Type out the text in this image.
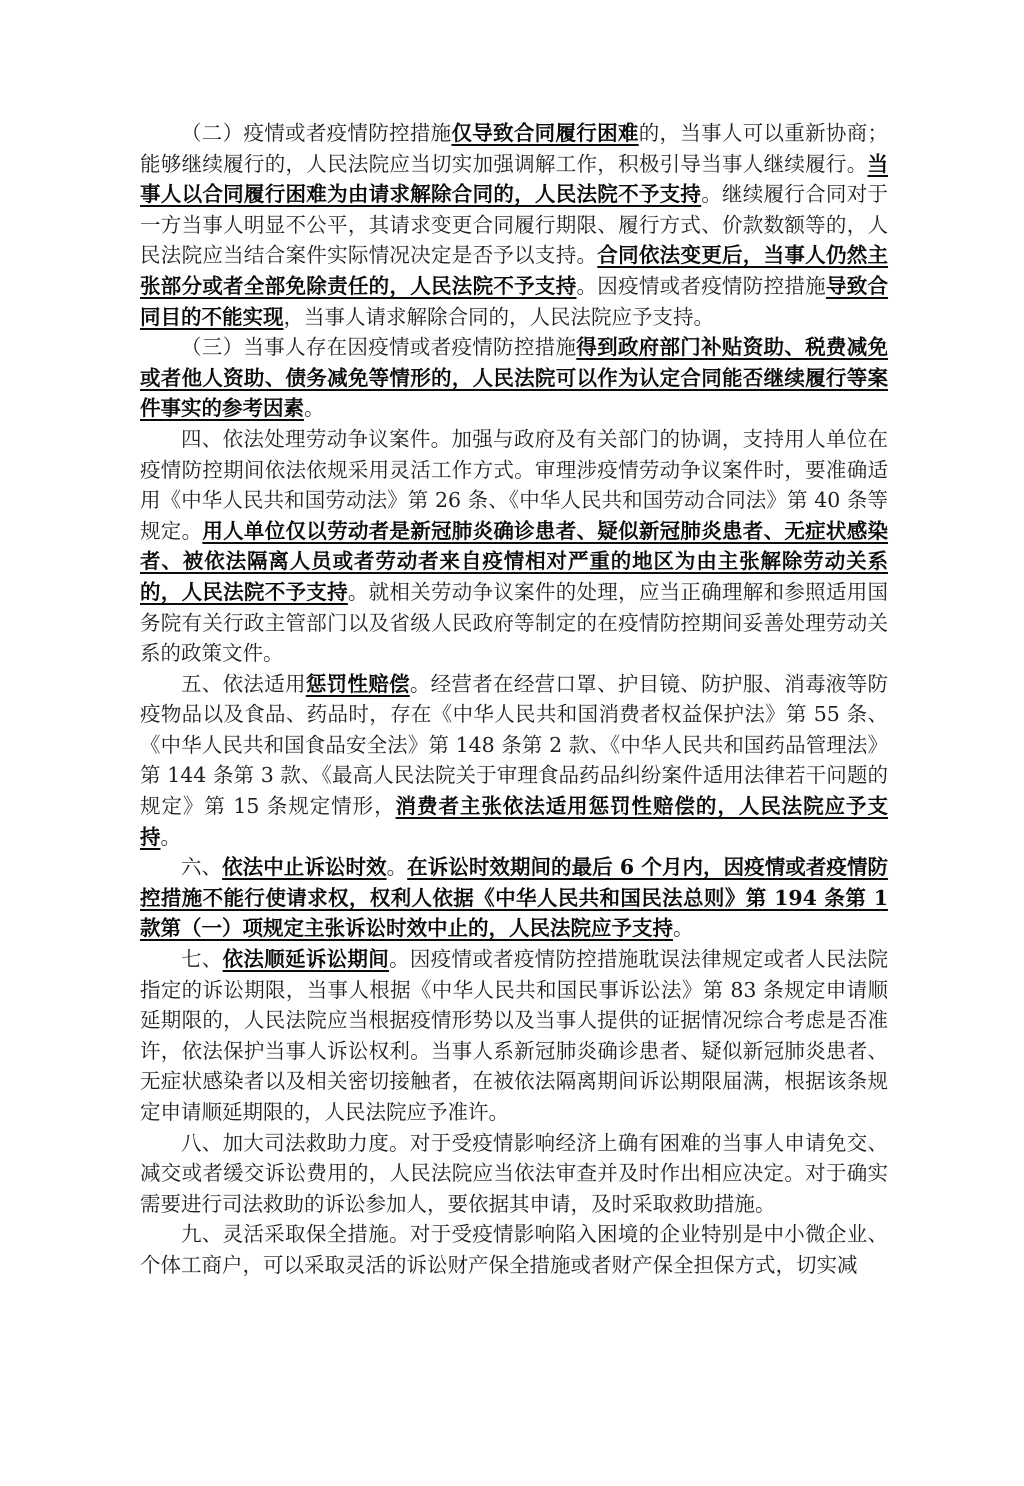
（二）疫情或者疫情防控措施仅导致合同履行困难的，当事人可以重新协商；能够继续履行的，人民法院应当切实加强调解工作，积极引导当事人继续履行。当事人以合同履行困难为由请求解除合同的，人民法院不予支持。继续履行合同对于一方当事人明显不公平，其请求变更合同履行期限、履行方式、价款数额等的，人民法院应当结合案件实际情况决定是否予以支持。合同依法变更后，当事人仍然主张部分或者全部免除责任的，人民法院不予支持。因疫情或者疫情防控措施导致合同目的不能实现，当事人请求解除合同的，人民法院应予支持。

（三）当事人存在因疫情或者疫情防控措施得到政府部门补贴资助、税费减免或者他人资助、债务减免等情形的，人民法院可以作为认定合同能否继续履行等案件事实的参考因素。

四、依法处理劳动争议案件。加强与政府及有关部门的协调，支持用人单位在疫情防控期间依法依规采用灵活工作方式。审理涉疫情劳动争议案件时，要准确适用《中华人民共和国劳动法》第 26 条、《中华人民共和国劳动合同法》第 40 条等规定。用人单位仅以劳动者是新冠肺炎确诊患者、疑似新冠肺炎患者、无症状感染者、被依法隔离人员或者劳动者来自疫情相对严重的地区为由主张解除劳动关系的，人民法院不予支持。就相关劳动争议案件的处理，应当正确理解和参照适用国务院有关行政主管部门以及省级人民政府等制定的在疫情防控期间妥善处理劳动关系的政策文件。

五、依法适用惩罚性赔偿。经营者在经营口罩、护目镜、防护服、消毒液等防疫物品以及食品、药品时，存在《中华人民共和国消费者权益保护法》第 55 条、《中华人民共和国食品安全法》第 148 条第 2 款、《中华人民共和国药品管理法》第 144 条第 3 款、《最高人民法院关于审理食品药品纠纷案件适用法律若干问题的规定》第 15 条规定情形，消费者主张依法适用惩罚性赔偿的，人民法院应予支持。

六、依法中止诉讼时效。在诉讼时效期间的最后 6 个月内，因疫情或者疫情防控措施不能行使请求权，权利人依据《中华人民共和国民法总则》第 194 条第 1 款第（一）项规定主张诉讼时效中止的，人民法院应予支持。

七、依法顺延诉讼期间。因疫情或者疫情防控措施耽误法律规定或者人民法院指定的诉讼期限，当事人根据《中华人民共和国民事诉讼法》第 83 条规定申请顺延期限的，人民法院应当根据疫情形势以及当事人提供的证据情况综合考虑是否准许，依法保护当事人诉讼权利。当事人系新冠肺炎确诊患者、疑似新冠肺炎患者、无症状感染者以及相关密切接触者，在被依法隔离期间诉讼期限届满，根据该条规定申请顺延期限的，人民法院应予准许。

八、加大司法救助力度。对于受疫情影响经济上确有困难的当事人申请免交、减交或者缓交诉讼费用的，人民法院应当依法审查并及时作出相应决定。对于确实需要进行司法救助的诉讼参加人，要依据其申请，及时采取救助措施。

九、灵活采取保全措施。对于受疫情影响陷入困境的企业特别是中小微企业、个体工商户，可以采取灵活的诉讼财产保全措施或者财产保全担保方式，切实减
